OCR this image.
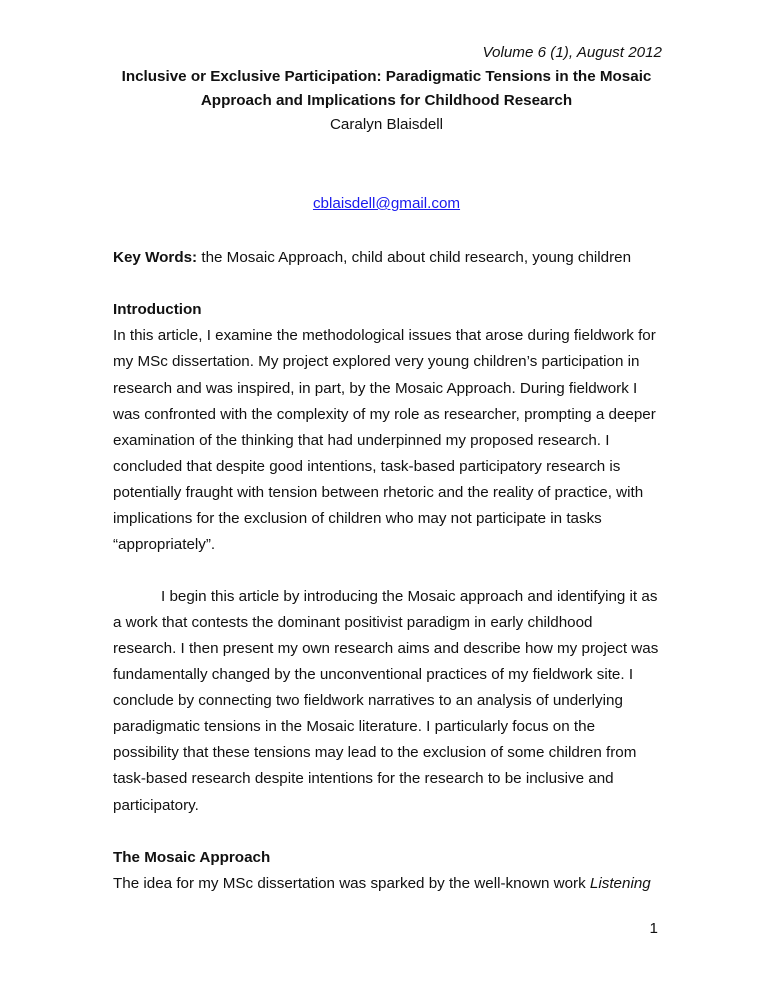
Volume 6 (1), August 2012
Inclusive or Exclusive Participation: Paradigmatic Tensions in the Mosaic
Approach and Implications for Childhood Research
Caralyn Blaisdell
cblaisdell@gmail.com
Key Words: the Mosaic Approach, child about child research, young children
Introduction
In this article, I examine the methodological issues that arose during fieldwork for
my MSc dissertation. My project explored very young children’s participation in
research and was inspired, in part, by the Mosaic Approach. During fieldwork I
was confronted with the complexity of my role as researcher, prompting a deeper
examination of the thinking that had underpinned my proposed research. I
concluded that despite good intentions, task-based participatory research is
potentially fraught with tension between rhetoric and the reality of practice, with
implications for the exclusion of children who may not participate in tasks
“appropriately”.
I begin this article by introducing the Mosaic approach and identifying it as
a work that contests the dominant positivist paradigm in early childhood
research. I then present my own research aims and describe how my project was
fundamentally changed by the unconventional practices of my fieldwork site. I
conclude by connecting two fieldwork narratives to an analysis of underlying
paradigmatic tensions in the Mosaic literature. I particularly focus on the
possibility that these tensions may lead to the exclusion of some children from
task-based research despite intentions for the research to be inclusive and
participatory.
The Mosaic Approach
The idea for my MSc dissertation was sparked by the well-known work Listening
1
